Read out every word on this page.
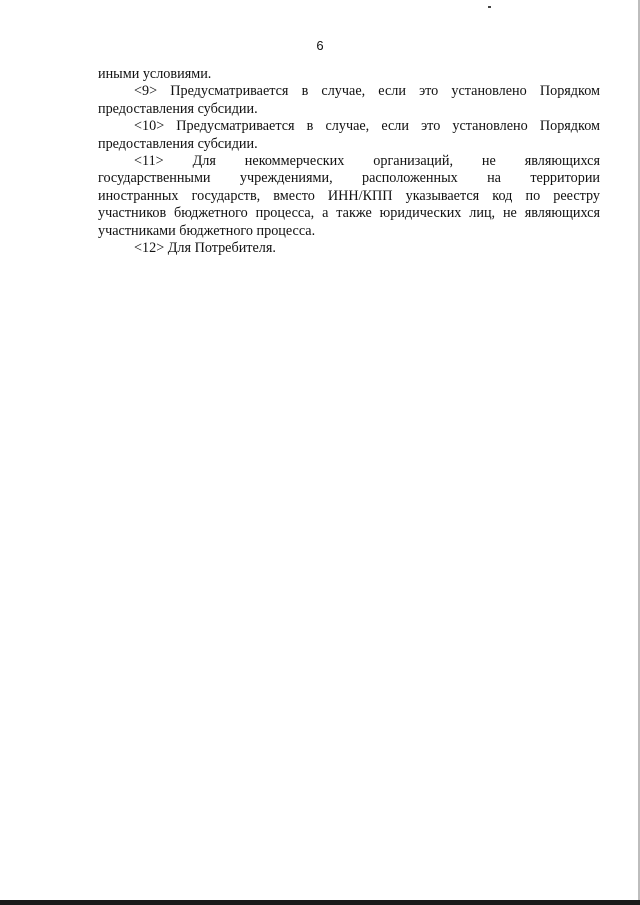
6
иными условиями.
<9> Предусматривается в случае, если это установлено Порядком
предоставления субсидии.
<10> Предусматривается в случае, если это установлено Порядком
предоставления субсидии.
<11> Для некоммерческих организаций, не являющихся
государственными учреждениями, расположенных на территории
иностранных государств, вместо ИНН/КПП указывается код по реестру
участников бюджетного процесса, а также юридических лиц, не являющихся
участниками бюджетного процесса.
<12> Для Потребителя.
